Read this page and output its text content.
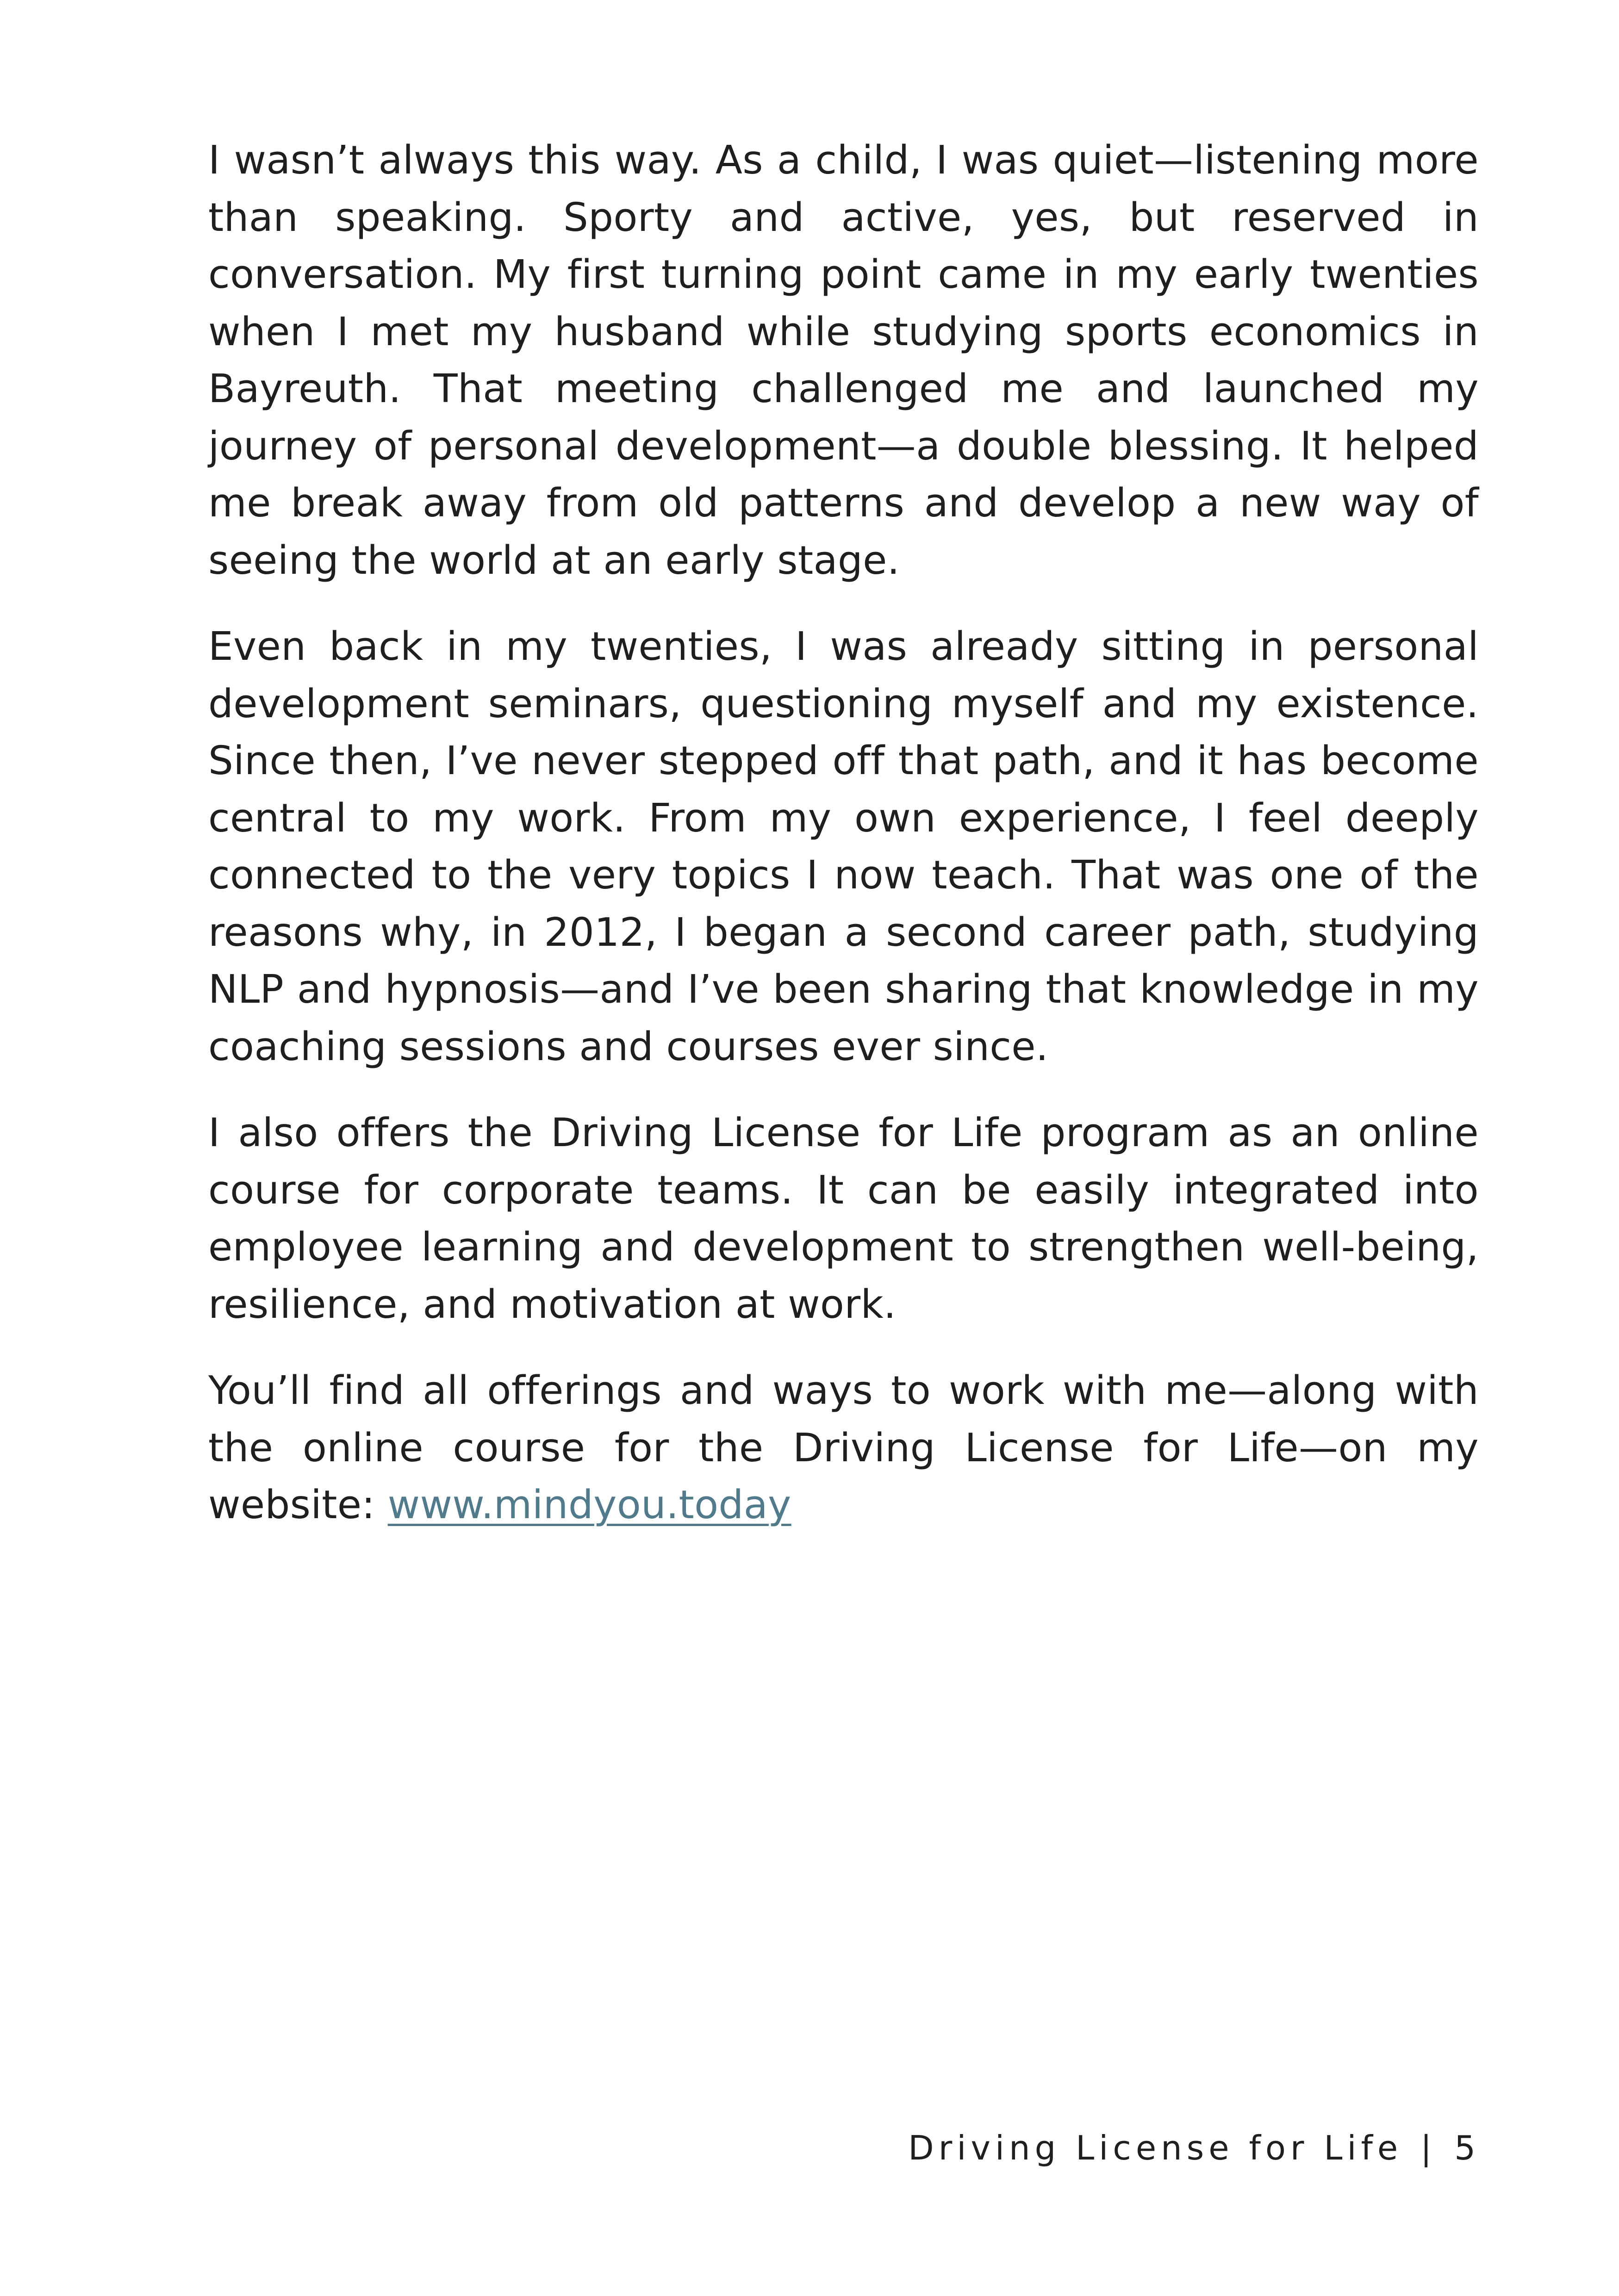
I wasn’t always this way. As a child, I was quiet—listening more than speaking. Sporty and active, yes, but reserved in conversation. My first turning point came in my early twenties when I met my husband while studying sports economics in Bayreuth. That meeting challenged me and launched my journey of personal development—a double blessing. It helped me break away from old patterns and develop a new way of seeing the world at an early stage.

Even back in my twenties, I was already sitting in personal development seminars, questioning myself and my existence. Since then, I’ve never stepped off that path, and it has become central to my work. From my own experience, I feel deeply connected to the very topics I now teach. That was one of the reasons why, in 2012, I began a second career path, studying NLP and hypnosis—and I’ve been sharing that knowledge in my coaching sessions and courses ever since.

I also offers the Driving License for Life program as an online course for corporate teams. It can be easily integrated into employee learning and development to strengthen well-being, resilience, and motivation at work.

You’ll find all offerings and ways to work with me—along with the online course for the Driving License for Life—on my website: www.mindyou.today

Driving License for Life | 5
